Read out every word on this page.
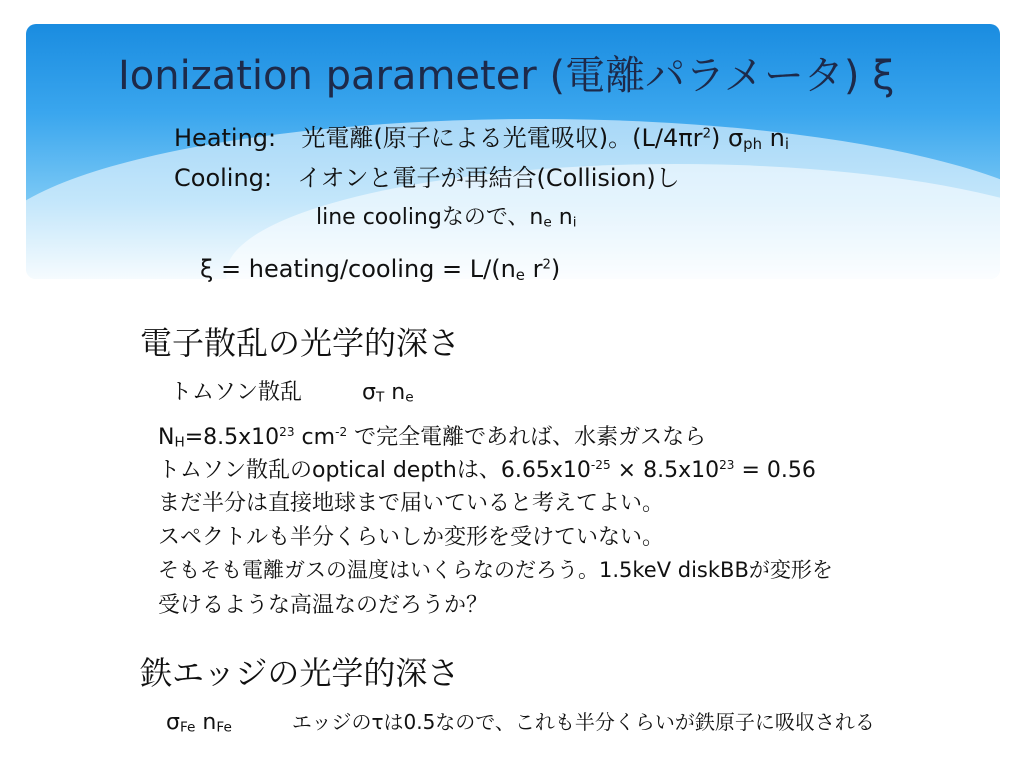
Ionization parameter (電離パラメータ) ξ
Heating: 光電離(原子による光電吸収)。$(L/4\pi r^2)$ σph ni
Cooling: イオンと電子が再結合(Collision)し
line coolingなので、$n_e$ $n_i$
ξ = heating/cooling = L/(ne $r^2$)
電子散乱の光学的深さ
トムソン散乱	$\sigma_T$ $n_e$
$N_H=8.5x10^{23}$ $cm^{-2}$ で完全電離であれば、水素ガスなら
トムソン散乱のoptical depthは、$6.65x10^{-25} \times 8.5x10^{23} = 0.56$
まだ半分は直接地球まで届いていると考えてよい。
スペクトルも半分くらいしか変形を受けていない。
そもそも電離ガスの温度はいくらなのだろう。1.5keV diskBBが変形を
受けるような高温なのだろうか？
鉄エッジの光学的深さ
$\sigma_{Fe}$ $n_{Fe}$	エッジのτは0.5なので、これも半分くらいが鉄原子に吸収される
